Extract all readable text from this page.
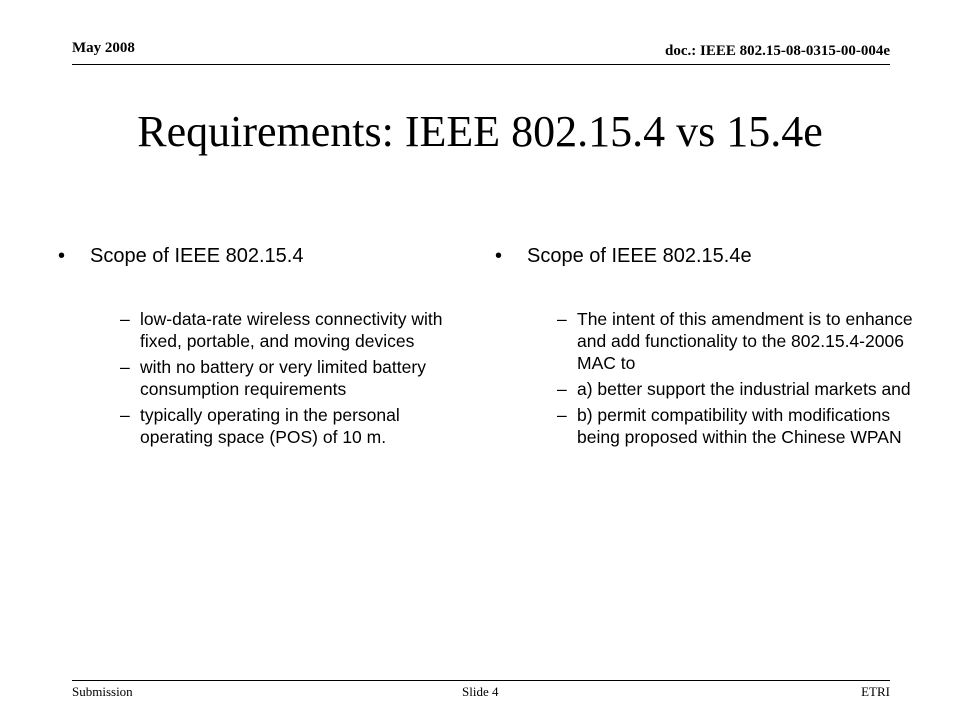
May 2008	doc.: IEEE 802.15-08-0315-00-004e
Requirements: IEEE 802.15.4 vs 15.4e
•	Scope of IEEE 802.15.4
– low-data-rate wireless connectivity with fixed, portable, and moving devices
– with no battery or very limited battery consumption requirements
– typically operating in the personal operating space (POS) of 10 m.
•	Scope of IEEE 802.15.4e
– The intent of this amendment is to enhance and add functionality to the 802.15.4-2006 MAC to
– a) better support the industrial markets and
– b) permit compatibility with modifications being proposed within the Chinese WPAN
Submission	Slide 4	ETRI
